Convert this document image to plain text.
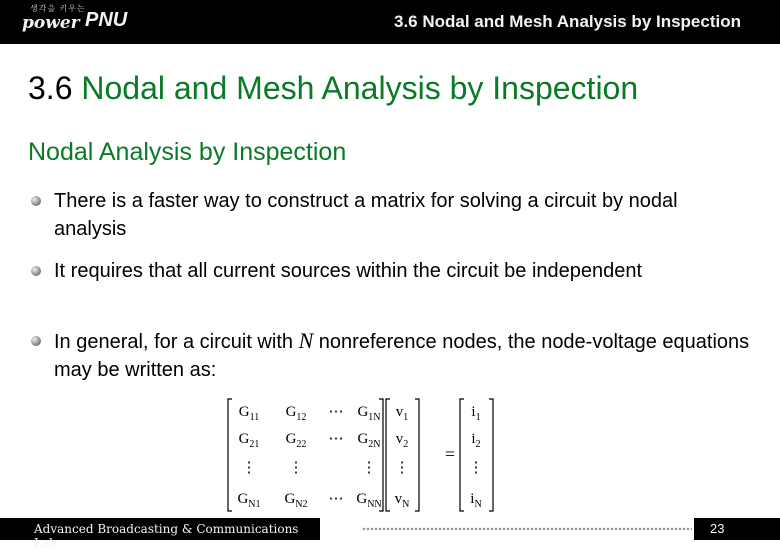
생각을 키우는
power PNU	3.6 Nodal and Mesh Analysis by Inspection
3.6 Nodal and Mesh Analysis by Inspection
Nodal Analysis by Inspection
There is a faster way to construct a matrix for solving a circuit by nodal analysis
It requires that all current sources within the circuit be independent
In general, for a circuit with N nonreference nodes, the node-voltage equations may be written as:
$G_{11}$ $G_{12}$ ⋯ $G_{1N}$
$G_{21}$ $G_{22}$ ⋯ $G_{2N}$
⋮ ⋮	⋮
$G_{N1}$ $G_{N2}$ ⋯ $G_{NN}$
$v_1$
$v_2$
⋮
$v_N$
$i_1$
$i_2$
⋮
$i_N$
=
Advanced Broadcasting & Communications Lab.
23
